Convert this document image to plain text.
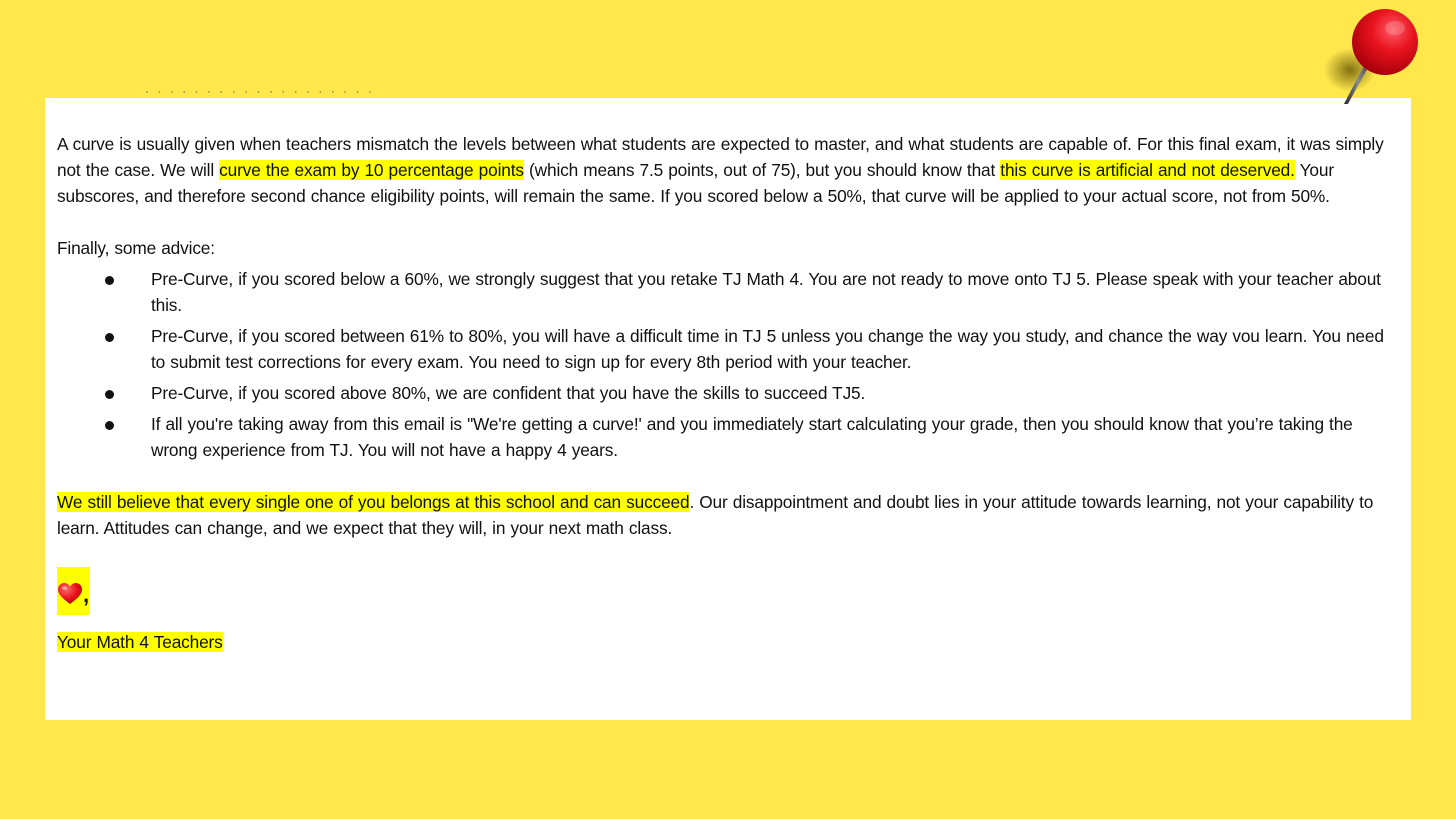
˙ ˙ ˙ ˙ ˙ ˙ ˙ ˙ ˙ ˙ ˙ ˙ ˙ ˙ ˙ ˙ ˙ ˙ ˙

A curve is usually given when teachers mismatch the levels between what students are expected to master, and what students are capable of. For this final exam, it was simply not the case. We will curve the exam by 10 percentage points (which means 7.5 points, out of 75), but you should know that this curve is artificial and not deserved. Your subscores, and therefore second chance eligibility points, will remain the same. If you scored below a 50%, that curve will be applied to your actual score, not from 50%.

Finally, some advice:

Pre-Curve, if you scored below a 60%, we strongly suggest that you retake TJ Math 4. You are not ready to move onto TJ 5. Please speak with your teacher about this.
Pre-Curve, if you scored between 61% to 80%, you will have a difficult time in TJ 5 unless you change the way you study, and chance the way vou learn. You need to submit test corrections for every exam. You need to sign up for every 8th period with your teacher.
Pre-Curve, if you scored above 80%, we are confident that you have the skills to succeed TJ5.
If all you're taking away from this email is "We're getting a curve!' and you immediately start calculating your grade, then you should know that you’re taking the wrong experience from TJ. You will not have a happy 4 years.

We still believe that every single one of you belongs at this school and can succeed. Our disappointment and doubt lies in your attitude towards learning, not your capability to learn. Attitudes can change, and we expect that they will, in your next math class.

,

Your Math 4 Teachers
